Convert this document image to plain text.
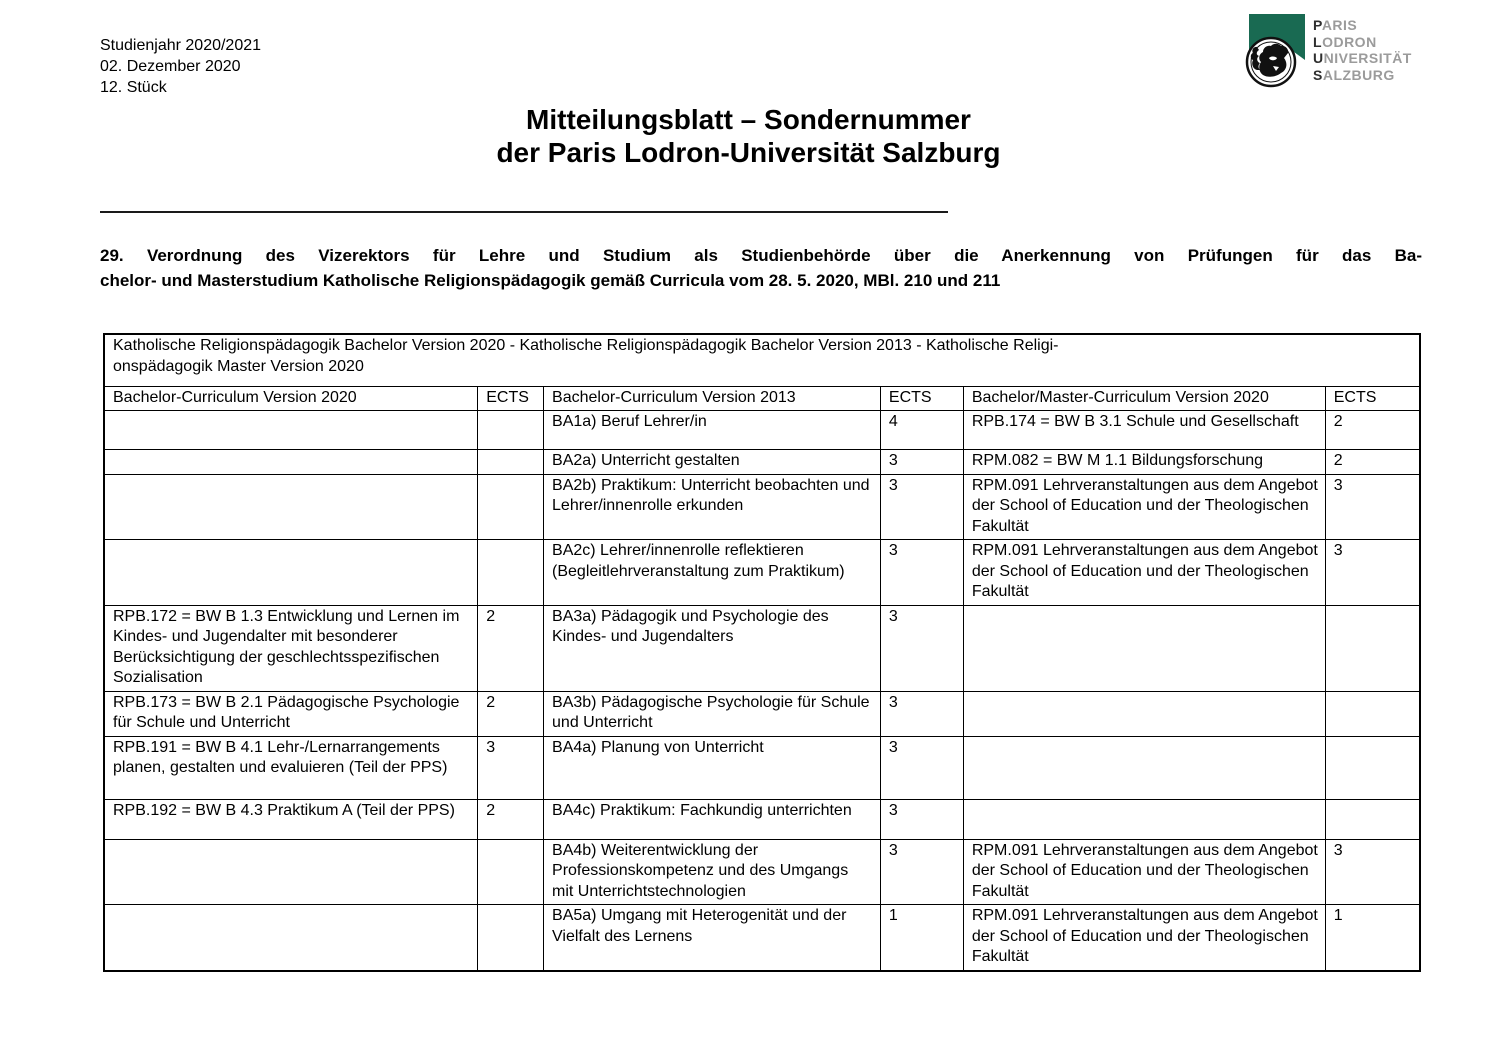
Studienjahr 2020/2021
02. Dezember 2020
12. Stück
PARIS
LODRON
UNIVERSITÄT
SALZBURG
Mitteilungsblatt – Sondernummer
der Paris Lodron-Universität Salzburg
29. Verordnung des Vizerektors für Lehre und Studium als Studienbehörde über die Anerkennung von Prüfungen für das Ba-
chelor- und Masterstudium Katholische Religionspädagogik gemäß Curricula vom 28. 5. 2020, MBl. 210 und 211
Katholische Religionspädagogik Bachelor Version 2020 - Katholische Religionspädagogik Bachelor Version 2013 - Katholische Religi-
onspädagogik Master Version 2020					

Bachelor-Curriculum Version 2020	ECTS	Bachelor-Curriculum Version 2013	ECTS	Bachelor/Master-Curriculum Version 2020	ECTS
		BA1a) Beruf Lehrer/in	4	RPB.174 = BW B 3.1 Schule und Gesellschaft	2
		BA2a) Unterricht gestalten	3	RPM.082 = BW M 1.1 Bildungsforschung	2
		BA2b) Praktikum: Unterricht beobachten und Lehrer/innenrolle erkunden	3	RPM.091 Lehrveranstaltungen aus dem Angebot der School of Education und der Theologischen Fakultät	3
		BA2c) Lehrer/innenrolle reflektieren (Begleitlehrveranstaltung zum Praktikum)	3	RPM.091 Lehrveranstaltungen aus dem Angebot der School of Education und der Theologischen Fakultät	3
RPB.172 = BW B 1.3 Entwicklung und Lernen im Kindes- und Jugendalter mit besonderer Berücksichtigung der geschlechtsspezifischen Sozialisation	2	BA3a) Pädagogik und Psychologie des Kindes- und Jugendalters	3		
RPB.173 = BW B 2.1 Pädagogische Psychologie für Schule und Unterricht	2	BA3b) Pädagogische Psychologie für Schule und Unterricht	3		
RPB.191 = BW B 4.1 Lehr-/Lernarrangements planen, gestalten und evaluieren (Teil der PPS)	3	BA4a) Planung von Unterricht	3		
RPB.192 = BW B 4.3 Praktikum A (Teil der PPS)	2	BA4c) Praktikum: Fachkundig unterrichten	3		
		BA4b) Weiterentwicklung der Professionskompetenz und des Umgangs mit Unterrichtstechnologien	3	RPM.091 Lehrveranstaltungen aus dem Angebot der School of Education und der Theologischen Fakultät	3
		BA5a) Umgang mit Heterogenität und der Vielfalt des Lernens	1	RPM.091 Lehrveranstaltungen aus dem Angebot der School of Education und der Theologischen Fakultät	1
